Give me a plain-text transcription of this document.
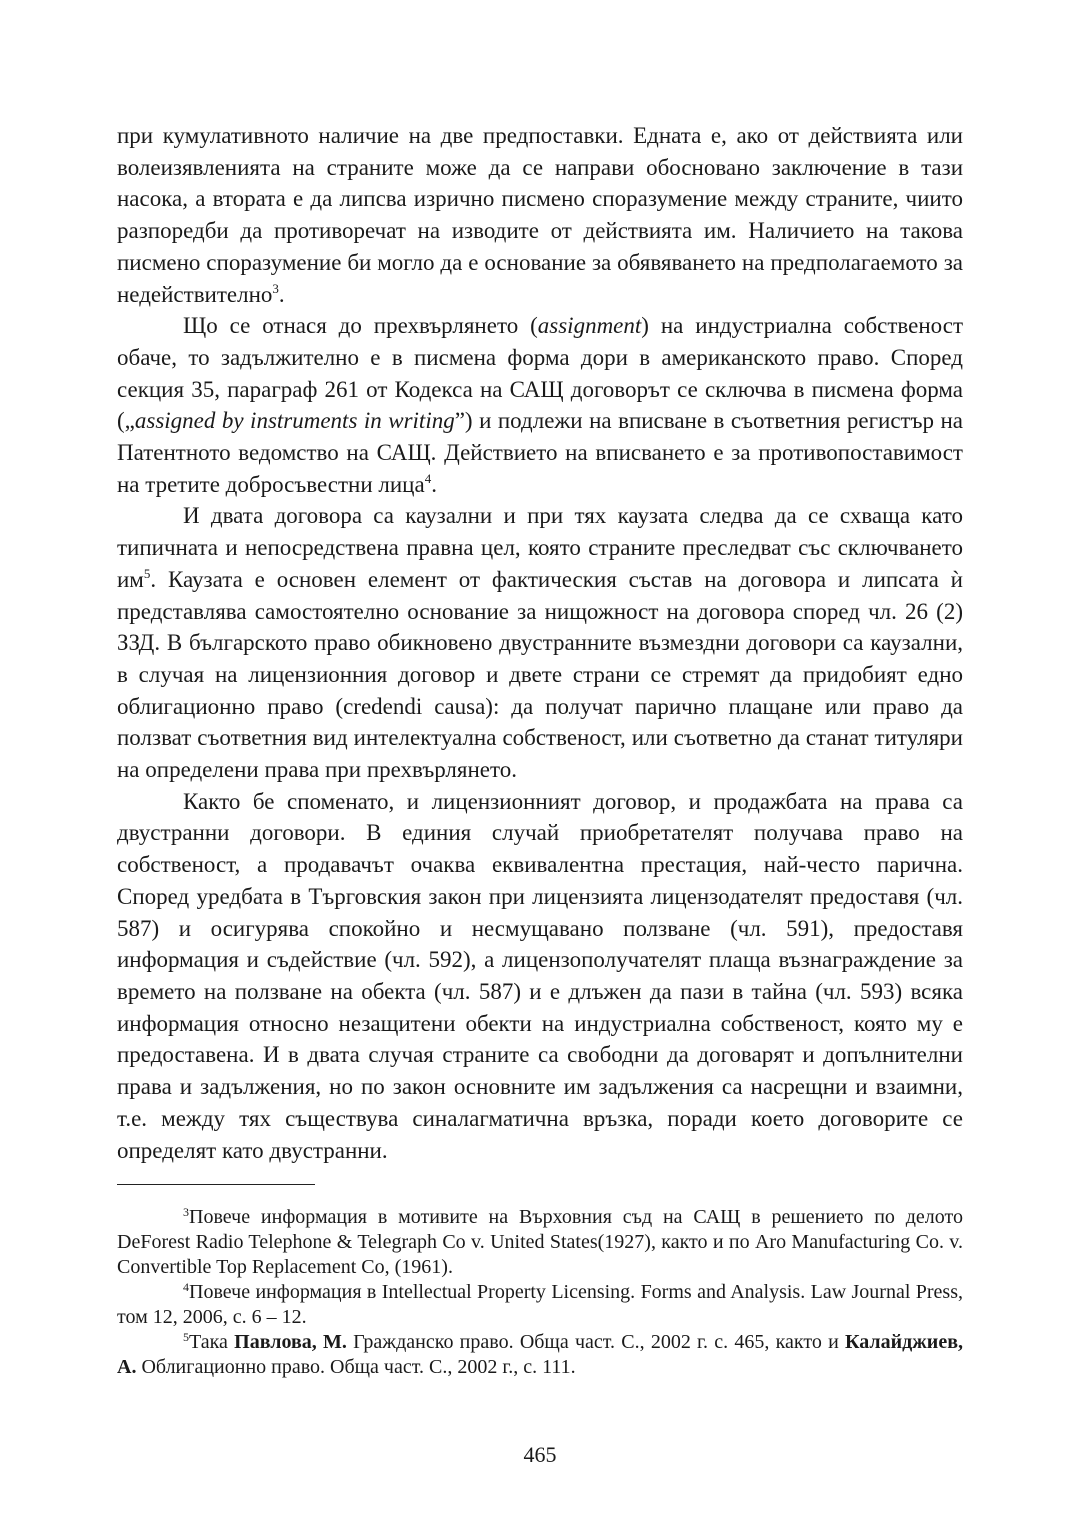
при кумулативното наличие на две предпоставки. Едната е, ако от действията или волеизявленията на страните може да се направи обосновано заключение в тази насока, а втората е да липсва изрично писмено споразумение между страните, чиито разпоредби да противоречат на изводите от действията им. Наличието на такова писмено споразумение би могло да е основание за обявяването на предполагаемото за недействително$^3$.

Що се отнася до прехвърлянето (assignment) на индустриална собственост обаче, то задължително е в писмена форма дори в американското право. Според секция 35, параграф 261 от Кодекса на САЩ договорът се сключва в писмена форма („assigned by instruments in writing”) и подлежи на вписване в съответния регистър на Патентното ведомство на САЩ. Действието на вписването е за противопоставимост на третите добросъвестни лица$^4$.

И двата договора са каузални и при тях каузата следва да се схваща като типичната и непосредствена правна цел, която страните преследват със сключването $им^5$. Каузата е основен елемент от фактическия състав на договора и липсата ѝ представлява самостоятелно основание за нищожност на договора според чл. 26 (2) ЗЗД. В българското право обикновено двустранните възмездни договори са каузални, в случая на лицензионния договор и двете страни се стремят да придобият едно облигационно право (credendi causa): да получат парично плащане или право да ползват съответния вид интелектуална собственост, или съответно да станат титуляри на определени права при прехвърлянето.

Както бе споменато, и лицензионният договор, и продажбата на права са двустранни договори. В единия случай приобретателят получава право на собственост, а продавачът очаква еквивалентна престация, най-често парична. Според уредбата в Търговския закон при лицензията лицензодателят предоставя (чл. 587) и осигурява спокойно и несмущавано ползване (чл. 591), предоставя информация и съдействие (чл. 592), а лицензополучателят плаща възнаграждение за времето на ползване на обекта (чл. 587) и е длъжен да пази в тайна (чл. 593) всяка информация относно незащитени обекти на индустриална собственост, която му е предоставена. И в двата случая страните са свободни да договарят и допълнителни права и задължения, но по закон основните им задължения са насрещни и взаимни, т.е. между тях съществува синалагматична връзка, поради което договорите се определят като двустранни.

$^3$Повече информация в мотивите на Върховния съд на САЩ в решението по делото DeForest Radio Telephone & Telegraph Co v. United States(1927), както и по Aro Manufacturing Co. v. Convertible Top Replacement Co, (1961).

$^4$Повече информация в Intellectual Property Licensing. Forms and Analysis. Law Journal Press, том 12, 2006, с. 6 – 12.

$^5$Така Павлова, М. Гражданско право. Обща част. С., 2002 г. с. 465, както и Калайджиев, А. Облигационно право. Обща част. С., 2002 г., с. 111.

465
